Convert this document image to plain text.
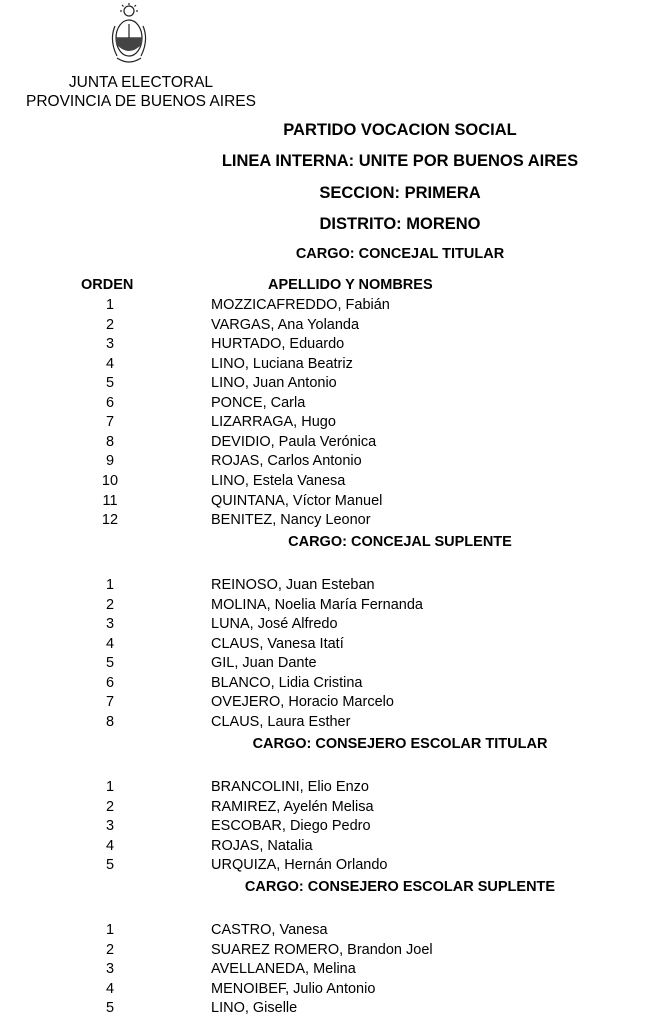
JUNTA ELECTORAL
PROVINCIA DE BUENOS AIRES
PARTIDO VOCACION SOCIAL
LINEA INTERNA: UNITE POR BUENOS AIRES
SECCION: PRIMERA
DISTRITO: MORENO
ORDEN	APELLIDO Y NOMBRES
CARGO: CONCEJAL TITULAR
1	MOZZICAFREDDO, Fabián
2	VARGAS, Ana Yolanda
3	HURTADO, Eduardo
4	LINO, Luciana Beatriz
5	LINO, Juan Antonio
6	PONCE, Carla
7	LIZARRAGA, Hugo
8	DEVIDIO, Paula Verónica
9	ROJAS, Carlos Antonio
10	LINO, Estela Vanesa
11	QUINTANA, Víctor Manuel
12	BENITEZ, Nancy Leonor
CARGO: CONCEJAL SUPLENTE
1	REINOSO, Juan Esteban
2	MOLINA, Noelia María Fernanda
3	LUNA, José Alfredo
4	CLAUS, Vanesa Itatí
5	GIL, Juan Dante
6	BLANCO, Lidia Cristina
7	OVEJERO, Horacio Marcelo
8	CLAUS, Laura Esther
CARGO: CONSEJERO ESCOLAR TITULAR
1	BRANCOLINI, Elio Enzo
2	RAMIREZ, Ayelén Melisa
3	ESCOBAR, Diego Pedro
4	ROJAS, Natalia
5	URQUIZA, Hernán Orlando
CARGO: CONSEJERO ESCOLAR SUPLENTE
1	CASTRO, Vanesa
2	SUAREZ ROMERO, Brandon Joel
3	AVELLANEDA, Melina
4	MENOIBEF, Julio Antonio
5	LINO, Giselle
